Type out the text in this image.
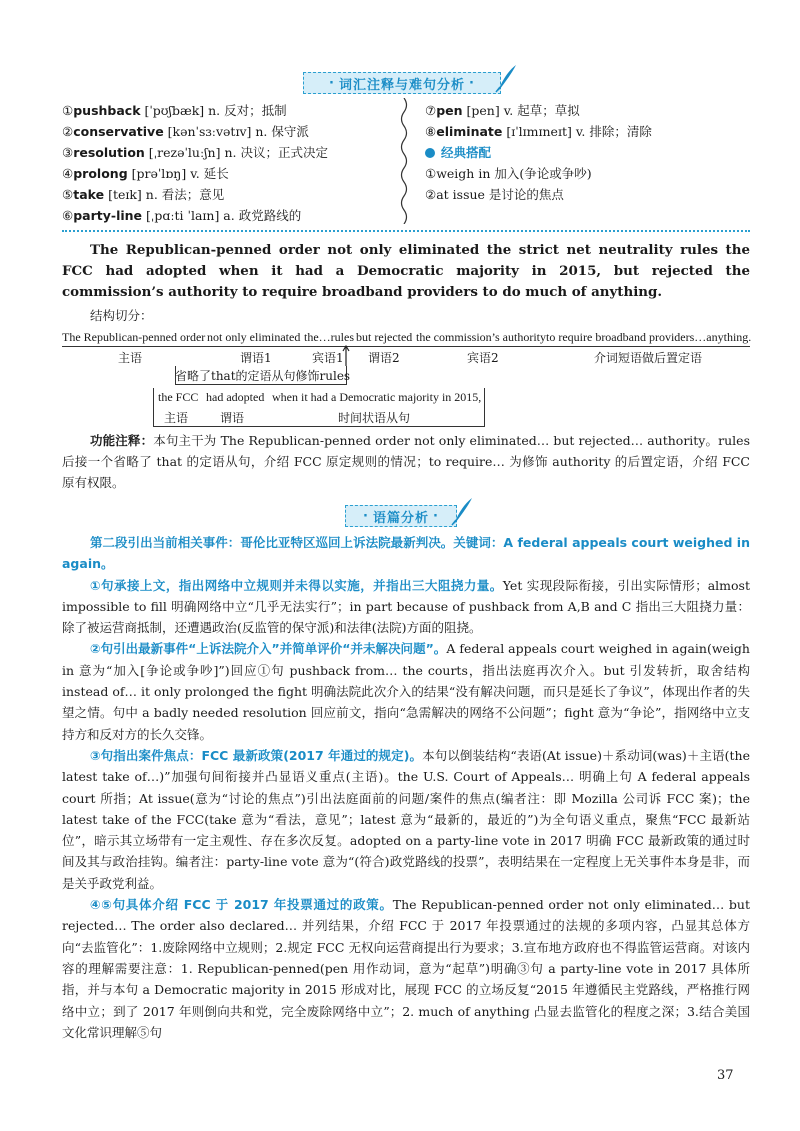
· 词汇注释与难句分析 ·
①pushback [ˈpʊʃbæk] n. 反对；抵制
②conservative [kənˈsɜːvətɪv] n. 保守派
③resolution [ˌrezəˈluːʃn] n. 决议；正式决定
④prolong [prəˈlɒŋ] v. 延长
⑤take [teɪk] n. 看法；意见
⑥party-line [ˌpɑːti ˈlaɪn] a. 政党路线的
⑦pen [pen] v. 起草；草拟
⑧eliminate [ɪˈlɪmɪneɪt] v. 排除；清除
经典搭配
①weigh in 加入(争论或争吵)
②at issue 是讨论的焦点
The Republican-penned order not only eliminated the strict net neutrality rules the FCC had adopted when it had a Democratic majority in 2015, but rejected the commission’s authority to require broadband providers to do much of anything.
结构切分：
The Republican-penned order not only eliminated the…rules but rejected the commission’s authority to require broadband providers…anything.
主语	谓语1	宾语1 谓语2	宾语2	介词短语做后置定语
省略了that的定语从句修饰rules
the FCC had adopted when it had a Democratic majority in 2015,
主语	谓语	时间状语从句
功能注释：本句主干为 The Republican-penned order not only eliminated… but rejected… authority。rules 后接一个省略了 that 的定语从句，介绍 FCC 原定规则的情况；to require… 为修饰 authority 的后置定语，介绍 FCC 原有权限。
· 语篇分析 ·

第二段引出当前相关事件：哥伦比亚特区巡回上诉法院最新判决。关键词：A federal appeals court weighed in again。

①句承接上文，指出网络中立规则并未得以实施，并指出三大阻挠力量。Yet 实现段际衔接，引出实际情形；almost impossible to fill 明确网络中立“几乎无法实行”；in part because of pushback from A,B and C 指出三大阻挠力量：除了被运营商抵制，还遭遇政治(反监管的保守派)和法律(法院)方面的阻挠。

②句引出最新事件“上诉法院介入”并简单评价“并未解决问题”。A federal appeals court weighed in again(weigh in 意为“加入[争论或争吵]”)回应①句 pushback from… the courts，指出法庭再次介入。but 引发转折，取舍结构 instead of… it only prolonged the fight 明确法院此次介入的结果“没有解决问题，而只是延长了争议”，体现出作者的失望之情。句中 a badly needed resolution 回应前文，指向“急需解决的网络不公问题”；fight 意为“争论”，指网络中立支持方和反对方的长久交锋。

③句指出案件焦点：FCC 最新政策(2017 年通过的规定)。本句以倒装结构“表语(At issue)＋系动词(was)＋主语(the latest take of…)”加强句间衔接并凸显语义重点(主语)。the U.S. Court of Appeals… 明确上句 A federal appeals court 所指；At issue(意为“讨论的焦点”)引出法庭面前的问题/案件的焦点(编者注：即 Mozilla 公司诉 FCC 案)；the latest take of the FCC(take 意为“看法，意见”；latest 意为“最新的，最近的”)为全句语义重点，聚焦“FCC 最新站位”，暗示其立场带有一定主观性、存在多次反复。adopted on a party-line vote in 2017 明确 FCC 最新政策的通过时间及其与政治挂钩。编者注：party-line vote 意为“(符合)政党路线的投票”，表明结果在一定程度上无关事件本身是非，而是关乎政党利益。

④⑤句具体介绍 FCC 于 2017 年投票通过的政策。The Republican-penned order not only eliminated… but rejected… The order also declared… 并列结果，介绍 FCC 于 2017 年投票通过的法规的多项内容，凸显其总体方向“去监管化”：1.废除网络中立规则；2.规定 FCC 无权向运营商提出行为要求；3.宣布地方政府也不得监管运营商。对该内容的理解需要注意：1. Republican-penned(pen 用作动词，意为“起草”)明确③句 a party-line vote in 2017 具体所指，并与本句 a Democratic majority in 2015 形成对比，展现 FCC 的立场反复“2015 年遵循民主党路线，严格推行网络中立；到了 2017 年则倒向共和党，完全废除网络中立”；2. much of anything 凸显去监管化的程度之深；3.结合美国文化常识理解⑤句

37
